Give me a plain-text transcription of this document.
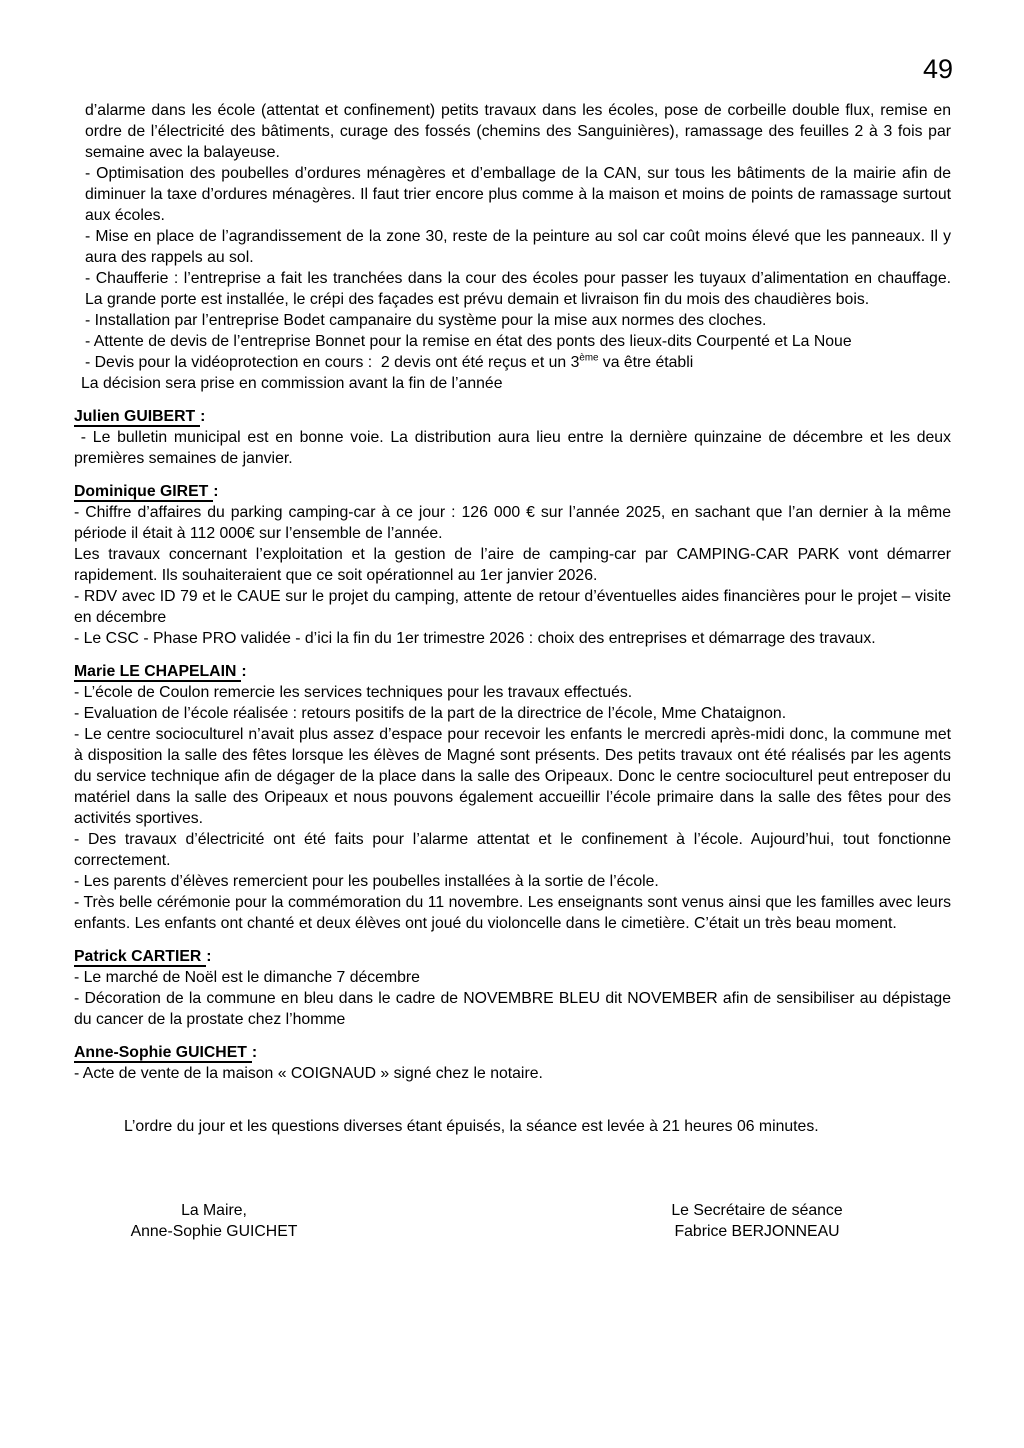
49

d’alarme dans les école (attentat et confinement) petits travaux dans les écoles, pose de corbeille double flux, remise en ordre de l’électricité des bâtiments, curage des fossés (chemins des Sanguinières), ramassage des feuilles 2 à 3 fois par semaine avec la balayeuse.

- Optimisation des poubelles d’ordures ménagères et d’emballage de la CAN, sur tous les bâtiments de la mairie afin de diminuer la taxe d’ordures ménagères. Il faut trier encore plus comme à la maison et moins de points de ramassage surtout aux écoles.

- Mise en place de l’agrandissement de la zone 30, reste de la peinture au sol car coût moins élevé que les panneaux. Il y aura des rappels au sol.

- Chaufferie : l’entreprise a fait les tranchées dans la cour des écoles pour passer les tuyaux d’alimentation en chauffage. La grande porte est installée, le crépi des façades est prévu demain et livraison fin du mois des chaudières bois.

- Installation par l’entreprise Bodet campanaire du système pour la mise aux normes des cloches.

- Attente de devis de l’entreprise Bonnet pour la remise en état des ponts des lieux-dits Courpenté et La Noue

- Devis pour la vidéoprotection en cours :  2 devis ont été reçus et un 3ème va être établi

La décision sera prise en commission avant la fin de l’année

Julien GUIBERT :

- Le bulletin municipal est en bonne voie. La distribution aura lieu entre la dernière quinzaine de décembre et les deux premières semaines de janvier.

Dominique GIRET :

- Chiffre d’affaires du parking camping-car à ce jour : 126 000 € sur l’année 2025, en sachant que l’an dernier à la même période il était à 112 000€ sur l’ensemble de l’année.

Les travaux concernant l’exploitation et la gestion de l’aire de camping-car par CAMPING-CAR PARK vont démarrer rapidement. Ils souhaiteraient que ce soit opérationnel au 1er janvier 2026.

- RDV avec ID 79 et le CAUE sur le projet du camping, attente de retour d’éventuelles aides financières pour le projet – visite en décembre

- Le CSC - Phase PRO validée - d’ici la fin du 1er trimestre 2026 : choix des entreprises et démarrage des travaux.

Marie LE CHAPELAIN :

- L’école de Coulon remercie les services techniques pour les travaux effectués.

- Evaluation de l’école réalisée : retours positifs de la part de la directrice de l’école, Mme Chataignon.

- Le centre socioculturel n’avait plus assez d’espace pour recevoir les enfants le mercredi après-midi donc, la commune met à disposition la salle des fêtes lorsque les élèves de Magné sont présents. Des petits travaux ont été réalisés par les agents du service technique afin de dégager de la place dans la salle des Oripeaux. Donc le centre socioculturel peut entreposer du matériel dans la salle des Oripeaux et nous pouvons également accueillir l’école primaire dans la salle des fêtes pour des activités sportives.

- Des travaux d’électricité ont été faits pour l’alarme attentat et le confinement à l’école. Aujourd’hui, tout fonctionne correctement.

- Les parents d’élèves remercient pour les poubelles installées à la sortie de l’école.

- Très belle cérémonie pour la commémoration du 11 novembre. Les enseignants sont venus ainsi que les familles avec leurs enfants. Les enfants ont chanté et deux élèves ont joué du violoncelle dans le cimetière. C’était un très beau moment.

Patrick CARTIER :

- Le marché de Noël est le dimanche 7 décembre

- Décoration de la commune en bleu dans le cadre de NOVEMBRE BLEU dit NOVEMBER afin de sensibiliser au dépistage du cancer de la prostate chez l’homme

Anne-Sophie GUICHET :

- Acte de vente de la maison « COIGNAUD » signé chez le notaire.

L’ordre du jour et les questions diverses étant épuisés, la séance est levée à 21 heures 06 minutes.

La Maire,
Anne-Sophie GUICHET
Le Secrétaire de séance
Fabrice BERJONNEAU
